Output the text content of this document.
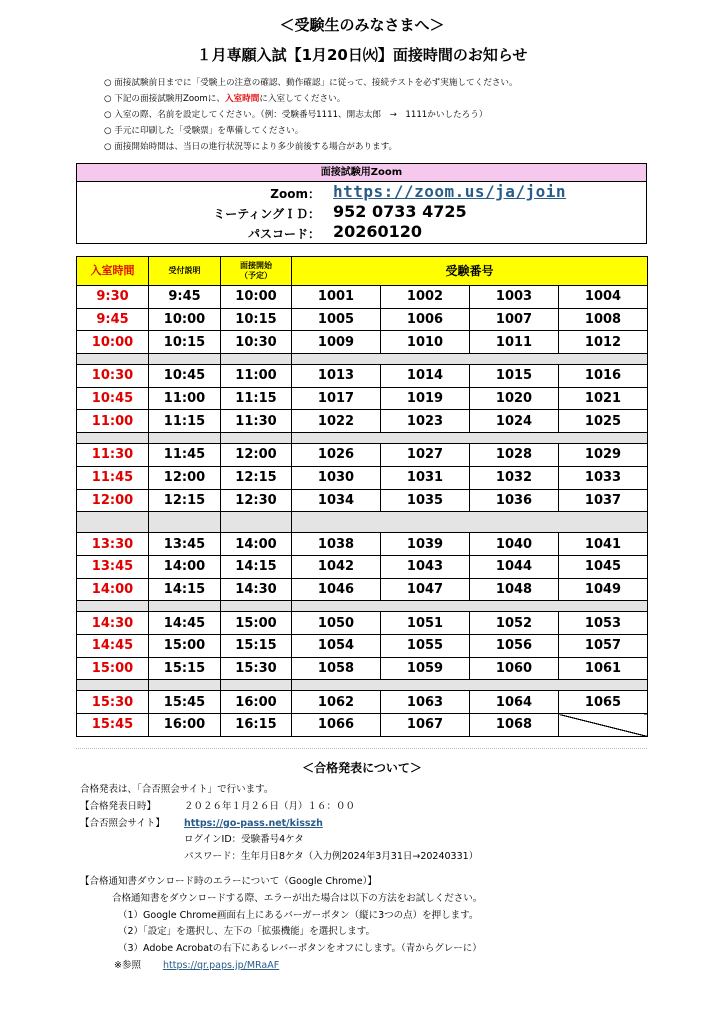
＜受験生のみなさまへ＞
１月専願入試【1月20日㈫】面接時間のお知らせ
○ 面接試験前日までに「受験上の注意の確認、動作確認」に従って、接続テストを必ず実施してください。
○ 下記の面接試験用Zoomに、入室時間に入室してください。
○ 入室の際、名前を設定してください。（例：受験番号1111、開志太郎　→　1111かいしたろう）
○ 手元に印刷した「受験票」を準備してください。
○ 面接開始時間は、当日の進行状況等により多少前後する場合があります。
面接試験用Zoom
Zoom： https://zoom.us/ja/join
ミーティングＩＤ： 952 0733 4725
パスコード： 20260120
入室時間	受付説明	面接開始
（予定）	受験番号			
9:30	9:45	10:00	1001	1002	1003	1004
9:45	10:00	10:15	1005	1006	1007	1008
10:00	10:15	10:30	1009	1010	1011	1012

10:30	10:45	11:00	1013	1014	1015	1016
10:45	11:00	11:15	1017	1019	1020	1021
11:00	11:15	11:30	1022	1023	1024	1025

11:30	11:45	12:00	1026	1027	1028	1029
11:45	12:00	12:15	1030	1031	1032	1033
12:00	12:15	12:30	1034	1035	1036	1037

13:30	13:45	14:00	1038	1039	1040	1041
13:45	14:00	14:15	1042	1043	1044	1045
14:00	14:15	14:30	1046	1047	1048	1049

14:30	14:45	15:00	1050	1051	1052	1053
14:45	15:00	15:15	1054	1055	1056	1057
15:00	15:15	15:30	1058	1059	1060	1061

15:30	15:45	16:00	1062	1063	1064	1065
15:45	16:00	16:15	1066	1067	1068	
＜合格発表について＞
合格発表は、「合否照会サイト」で行います。
【合格発表日時】	２０２６年１月２６日（月）１６：００
【合否照会サイト】 https://go-pass.net/kisszh
ログインID：受験番号4ケタ
パスワード：生年月日8ケタ（入力例2024年3月31日→20240331）
【合格通知書ダウンロード時のエラーについて（Google Chrome）】
合格通知書をダウンロードする際、エラーが出た場合は以下の方法をお試しください。
（1）Google Chrome画面右上にあるバーガーボタン（縦に3つの点）を押します。
（2）「設定」を選択し、左下の「拡張機能」を選択します。
（3）Adobe Acrobatの右下にあるレバーボタンをオフにします。（青からグレーに）
※参照 https://qr.paps.jp/MRaAF
